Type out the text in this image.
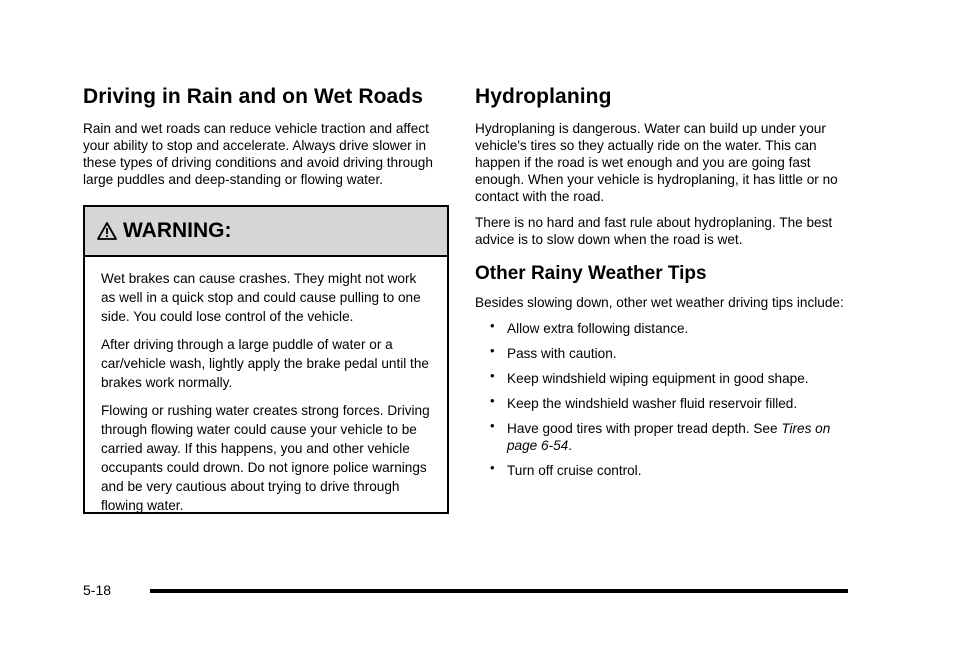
Driving in Rain and on Wet Roads

Rain and wet roads can reduce vehicle traction and affect your ability to stop and accelerate. Always drive slower in these types of driving conditions and avoid driving through large puddles and deep-standing or flowing water.

WARNING:

Wet brakes can cause crashes. They might not work as well in a quick stop and could cause pulling to one side. You could lose control of the vehicle.

After driving through a large puddle of water or a car/vehicle wash, lightly apply the brake pedal until the brakes work normally.

Flowing or rushing water creates strong forces. Driving through flowing water could cause your vehicle to be carried away. If this happens, you and other vehicle occupants could drown. Do not ignore police warnings and be very cautious about trying to drive through flowing water.

Hydroplaning

Hydroplaning is dangerous. Water can build up under your vehicle's tires so they actually ride on the water. This can happen if the road is wet enough and you are going fast enough. When your vehicle is hydroplaning, it has little or no contact with the road.

There is no hard and fast rule about hydroplaning. The best advice is to slow down when the road is wet.

Other Rainy Weather Tips

Besides slowing down, other wet weather driving tips include:

• Allow extra following distance.
• Pass with caution.
• Keep windshield wiping equipment in good shape.
• Keep the windshield washer fluid reservoir filled.
• Have good tires with proper tread depth. See Tires on page 6-54.
• Turn off cruise control.
5-18
